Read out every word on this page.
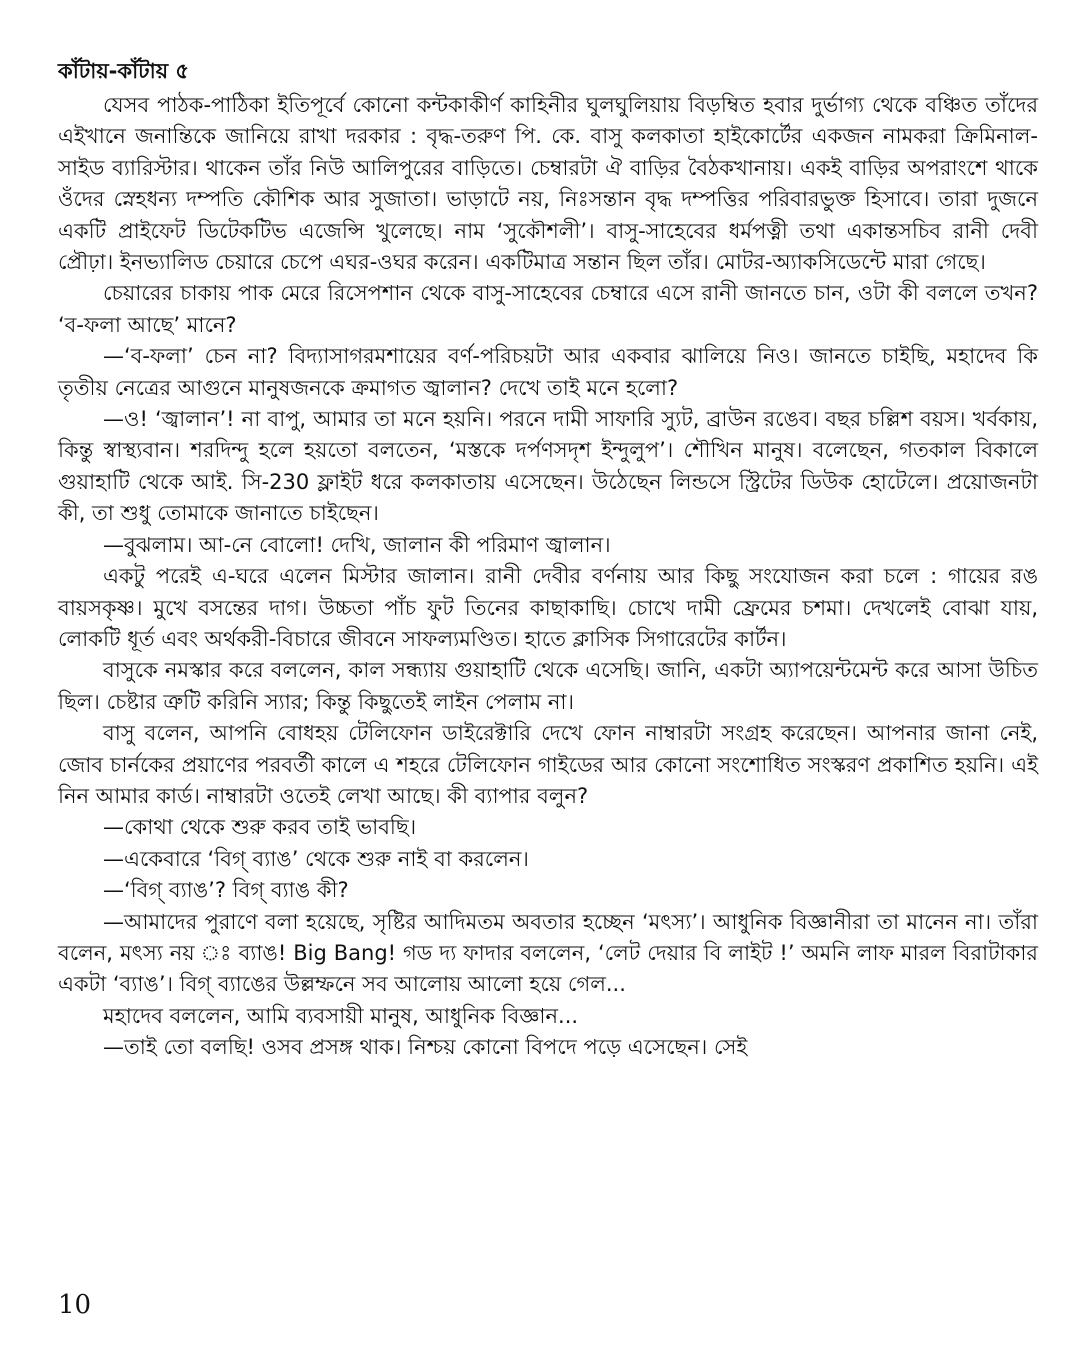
কাঁটায়-কাঁটায় ৫

যেসব পাঠক-পাঠিকা ইতিপূর্বে কোনো কন্টকাকীর্ণ কাহিনীর ঘুলঘুলিয়ায় বিড়ম্বিত হবার দুর্ভাগ্য থেকে বঞ্চিত তাঁদের এইখানে জনান্তিকে জানিয়ে রাখা দরকার : বৃদ্ধ-তরুণ পি. কে. বাসু কলকাতা হাইকোর্টের একজন নামকরা ক্রিমিনাল-সাইড ব্যারিস্টার। থাকেন তাঁর নিউ আলিপুরের বাড়িতে। চেম্বারটা ঐ বাড়ির বৈঠকখানায়। একই বাড়ির অপরাংশে থাকে ওঁদের স্নেহধন্য দম্পতি কৌশিক আর সুজাতা। ভাড়াটে নয়, নিঃসন্তান বৃদ্ধ দম্পত্তির পরিবারভুক্ত হিসাবে। তারা দুজনে একটি প্রাইফেট ডিটেকটিভ এজেন্সি খুলেছে। নাম ‘সুকৌশলী’। বাসু-সাহেবের ধর্মপত্নী তথা একান্তসচিব রানী দেবী প্রৌঢ়া। ইনভ্যালিড চেয়ারে চেপে এঘর-ওঘর করেন। একটিমাত্র সন্তান ছিল তাঁর। মোটর-অ্যাকসিডেন্টে মারা গেছে।

চেয়ারের চাকায় পাক মেরে রিসেপশান থেকে বাসু-সাহেবের চেম্বারে এসে রানী জানতে চান, ওটা কী বললে তখন? ‘ব-ফলা আছে’ মানে?

—‘ব-ফলা’ চেন না? বিদ্যাসাগরমশায়ের বর্ণ-পরিচয়টা আর একবার ঝালিয়ে নিও। জানতে চাইছি, মহাদেব কি তৃতীয় নেত্রের আগুনে মানুষজনকে ক্রমাগত জ্বালান? দেখে তাই মনে হলো?

—ও! ‘জ্বালান’! না বাপু, আমার তা মনে হয়নি। পরনে দামী সাফারি স্যুট, ব্রাউন রঙেব। বছর চল্লিশ বয়স। খর্বকায়, কিন্তু স্বাস্থ্যবান। শরদিন্দু হলে হয়তো বলতেন, ‘মস্তকে দর্পণসদৃশ ইন্দুলুপ’। শৌখিন মানুষ। বলেছেন, গতকাল বিকালে গুয়াহাটি থেকে আই. সি-230 ফ্লাইট ধরে কলকাতায় এসেছেন। উঠেছেন লিন্ডসে স্ট্রিটের ডিউক হোটেলে। প্রয়োজনটা কী, তা শুধু তোমাকে জানাতে চাইছেন।

—বুঝলাম। আ-নে বোলো! দেখি, জালান কী পরিমাণ জ্বালান।

একটু পরেই এ-ঘরে এলেন মিস্টার জালান। রানী দেবীর বর্ণনায় আর কিছু সংযোজন করা চলে : গায়ের রঙ বায়সকৃষ্ণ। মুখে বসন্তের দাগ। উচ্চতা পাঁচ ফুট তিনের কাছাকাছি। চোখে দামী ফ্রেমের চশমা। দেখলেই বোঝা যায়, লোকটি ধূর্ত এবং অর্থকরী-বিচারে জীবনে সাফল্যমণ্ডিত। হাতে ক্লাসিক সিগারেটের কার্টন।

বাসুকে নমস্কার করে বললেন, কাল সন্ধ্যায় গুয়াহাটি থেকে এসেছি। জানি, একটা অ্যাপয়েন্টমেন্ট করে আসা উচিত ছিল। চেষ্টার ত্রুটি করিনি স্যার; কিন্তু কিছুতেই লাইন পেলাম না।

বাসু বলেন, আপনি বোধহয় টেলিফোন ডাইরেক্টারি দেখে ফোন নাম্বারটা সংগ্রহ করেছেন। আপনার জানা নেই, জোব চার্নকের প্রয়াণের পরবর্তী কালে এ শহরে টেলিফোন গাইডের আর কোনো সংশোধিত সংস্করণ প্রকাশিত হয়নি। এই নিন আমার কার্ড। নাম্বারটা ওতেই লেখা আছে। কী ব্যাপার বলুন?

—কোথা থেকে শুরু করব তাই ভাবছি।

—একেবারে ‘বিগ্ ব্যাঙ’ থেকে শুরু নাই বা করলেন।

—‘বিগ্ ব্যাঙ’? বিগ্ ব্যাঙ কী?

—আমাদের পুরাণে বলা হয়েছে, সৃষ্টির আদিমতম অবতার হচ্ছেন ‘মৎস্য’। আধুনিক বিজ্ঞানীরা তা মানেন না। তাঁরা বলেন, মৎস্য নয় ঃ ব্যাঙ! Big Bang! গড দ্য ফাদার বললেন, ‘লেট দেয়ার বি লাইট !’ অমনি লাফ মারল বিরাটাকার একটা ‘ব্যাঙ’। বিগ্ ব্যাঙের উল্লম্ফনে সব আলোয় আলো হয়ে গেল...

মহাদেব বললেন, আমি ব্যবসায়ী মানুষ, আধুনিক বিজ্ঞান...

—তাই তো বলছি! ওসব প্রসঙ্গ থাক। নিশ্চয় কোনো বিপদে পড়ে এসেছেন। সেই

10
